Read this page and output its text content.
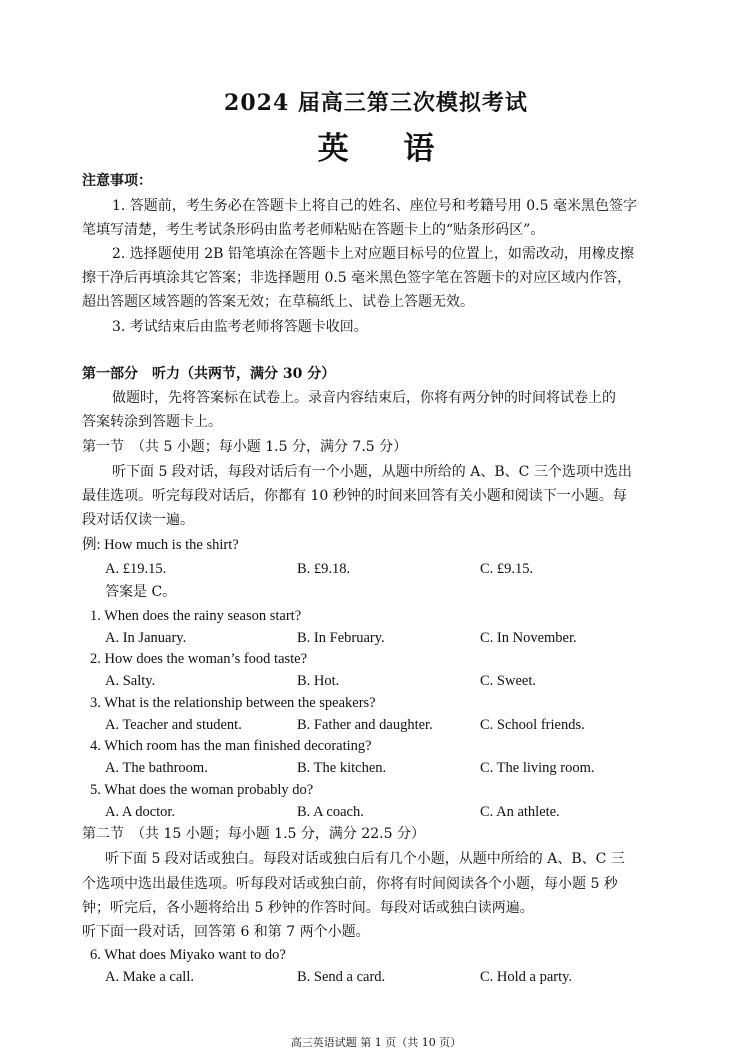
2024 届高三第三次模拟考试
英 语
注意事项：
1. 答题前，考生务必在答题卡上将自己的姓名、座位号和考籍号用 0.5 毫米黑色签字
笔填写清楚，考生考试条形码由监考老师粘贴在答题卡上的“贴条形码区”。
2. 选择题使用 2B 铅笔填涂在答题卡上对应题目标号的位置上，如需改动，用橡皮擦
擦干净后再填涂其它答案；非选择题用 0.5 毫米黑色签字笔在答题卡的对应区域内作答，
超出答题区域答题的答案无效；在草稿纸上、试卷上答题无效。
3. 考试结束后由监考老师将答题卡收回。
第一部分　听力（共两节，满分 30 分）
做题时，先将答案标在试卷上。录音内容结束后，你将有两分钟的时间将试卷上的
答案转涂到答题卡上。
第一节　（共 5 小题；每小题 1.5 分，满分 7.5 分）
听下面 5 段对话，每段对话后有一个小题，从题中所给的 A、B、C 三个选项中选出
最佳选项。听完每段对话后，你都有 10 秒钟的时间来回答有关小题和阅读下一小题。每
段对话仅读一遍。
例: How much is the shirt?
A. £19.15.	B. £9.18.	C. £9.15.
答案是 C。
1. When does the rainy season start?
A. In January.	B. In February.	C. In November.
2. How does the woman’s food taste?
A. Salty.	B. Hot.	C. Sweet.
3. What is the relationship between the speakers?
A. Teacher and student.	B. Father and daughter.	C. School friends.
4. Which room has the man finished decorating?
A. The bathroom.	B. The kitchen.	C. The living room.
5. What does the woman probably do?
A. A doctor.	B. A coach.	C. An athlete.
第二节　（共 15 小题；每小题 1.5 分，满分 22.5 分）
听下面 5 段对话或独白。每段对话或独白后有几个小题，从题中所给的 A、B、C 三
个选项中选出最佳选项。听每段对话或独白前，你将有时间阅读各个小题，每小题 5 秒
钟；听完后，各小题将给出 5 秒钟的作答时间。每段对话或独白读两遍。
听下面一段对话，回答第 6 和第 7 两个小题。
6. What does Miyako want to do?
A. Make a call.	B. Send a card.	C. Hold a party.
高三英语试题 第 1 页（共 10 页）
